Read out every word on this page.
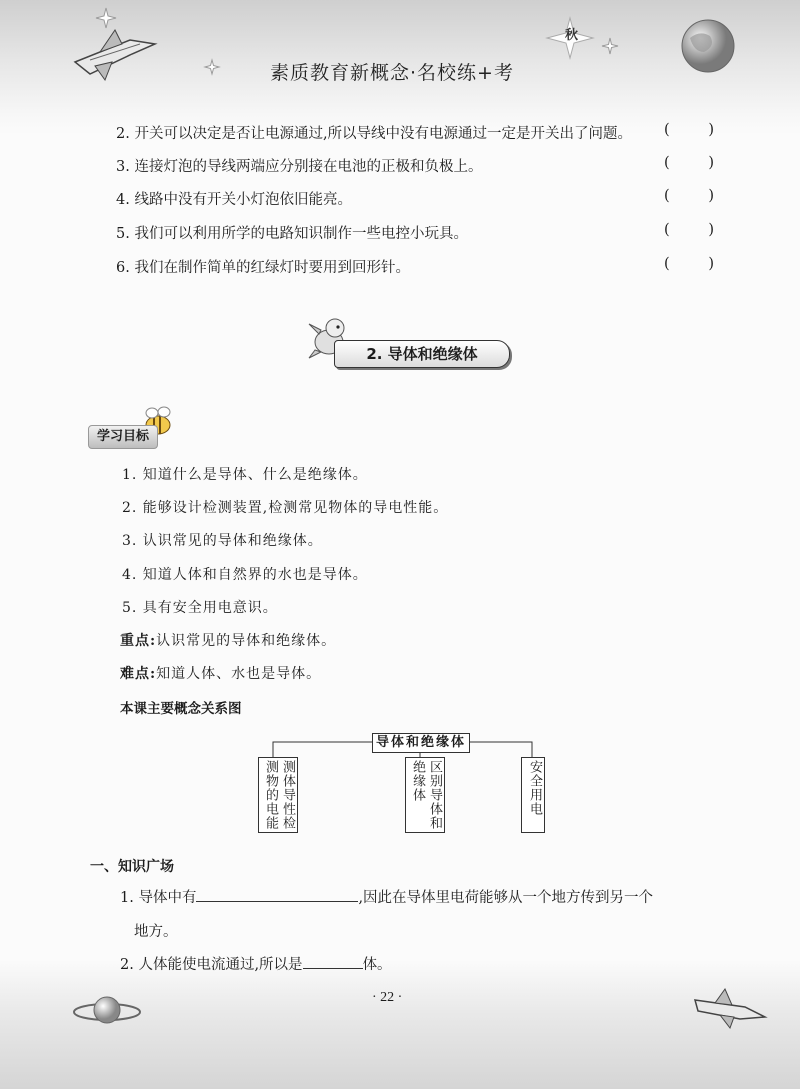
秋
素质教育新概念·名校练+考
2. 开关可以决定是否让电源通过,所以导线中没有电源通过一定是开关出了问题。 (	)
3. 连接灯泡的导线两端应分别接在电池的正极和负极上。	(	)
4. 线路中没有开关小灯泡依旧能亮。	(	)
5. 我们可以利用所学的电路知识制作一些电控小玩具。	(	)
6. 我们在制作简单的红绿灯时要用到回形针。	(	)
2. 导体和绝缘体
学习目标
1. 知道什么是导体、什么是绝缘体。
2. 能够设计检测装置,检测常见物体的导电性能。
3. 认识常见的导体和绝缘体。
4. 知道人体和自然界的水也是导体。
5. 具有安全用电意识。
重点:认识常见的导体和绝缘体。
难点:知道人体、水也是导体。
本课主要概念关系图
导体和绝缘体
测体导性检测物的电能	区别导体和绝缘体	安全用电
一、知识广场
1. 导体中有	,因此在导体里电荷能够从一个地方传到另一个
地方。
2. 人体能使电流通过,所以是	体。
· 22 ·
